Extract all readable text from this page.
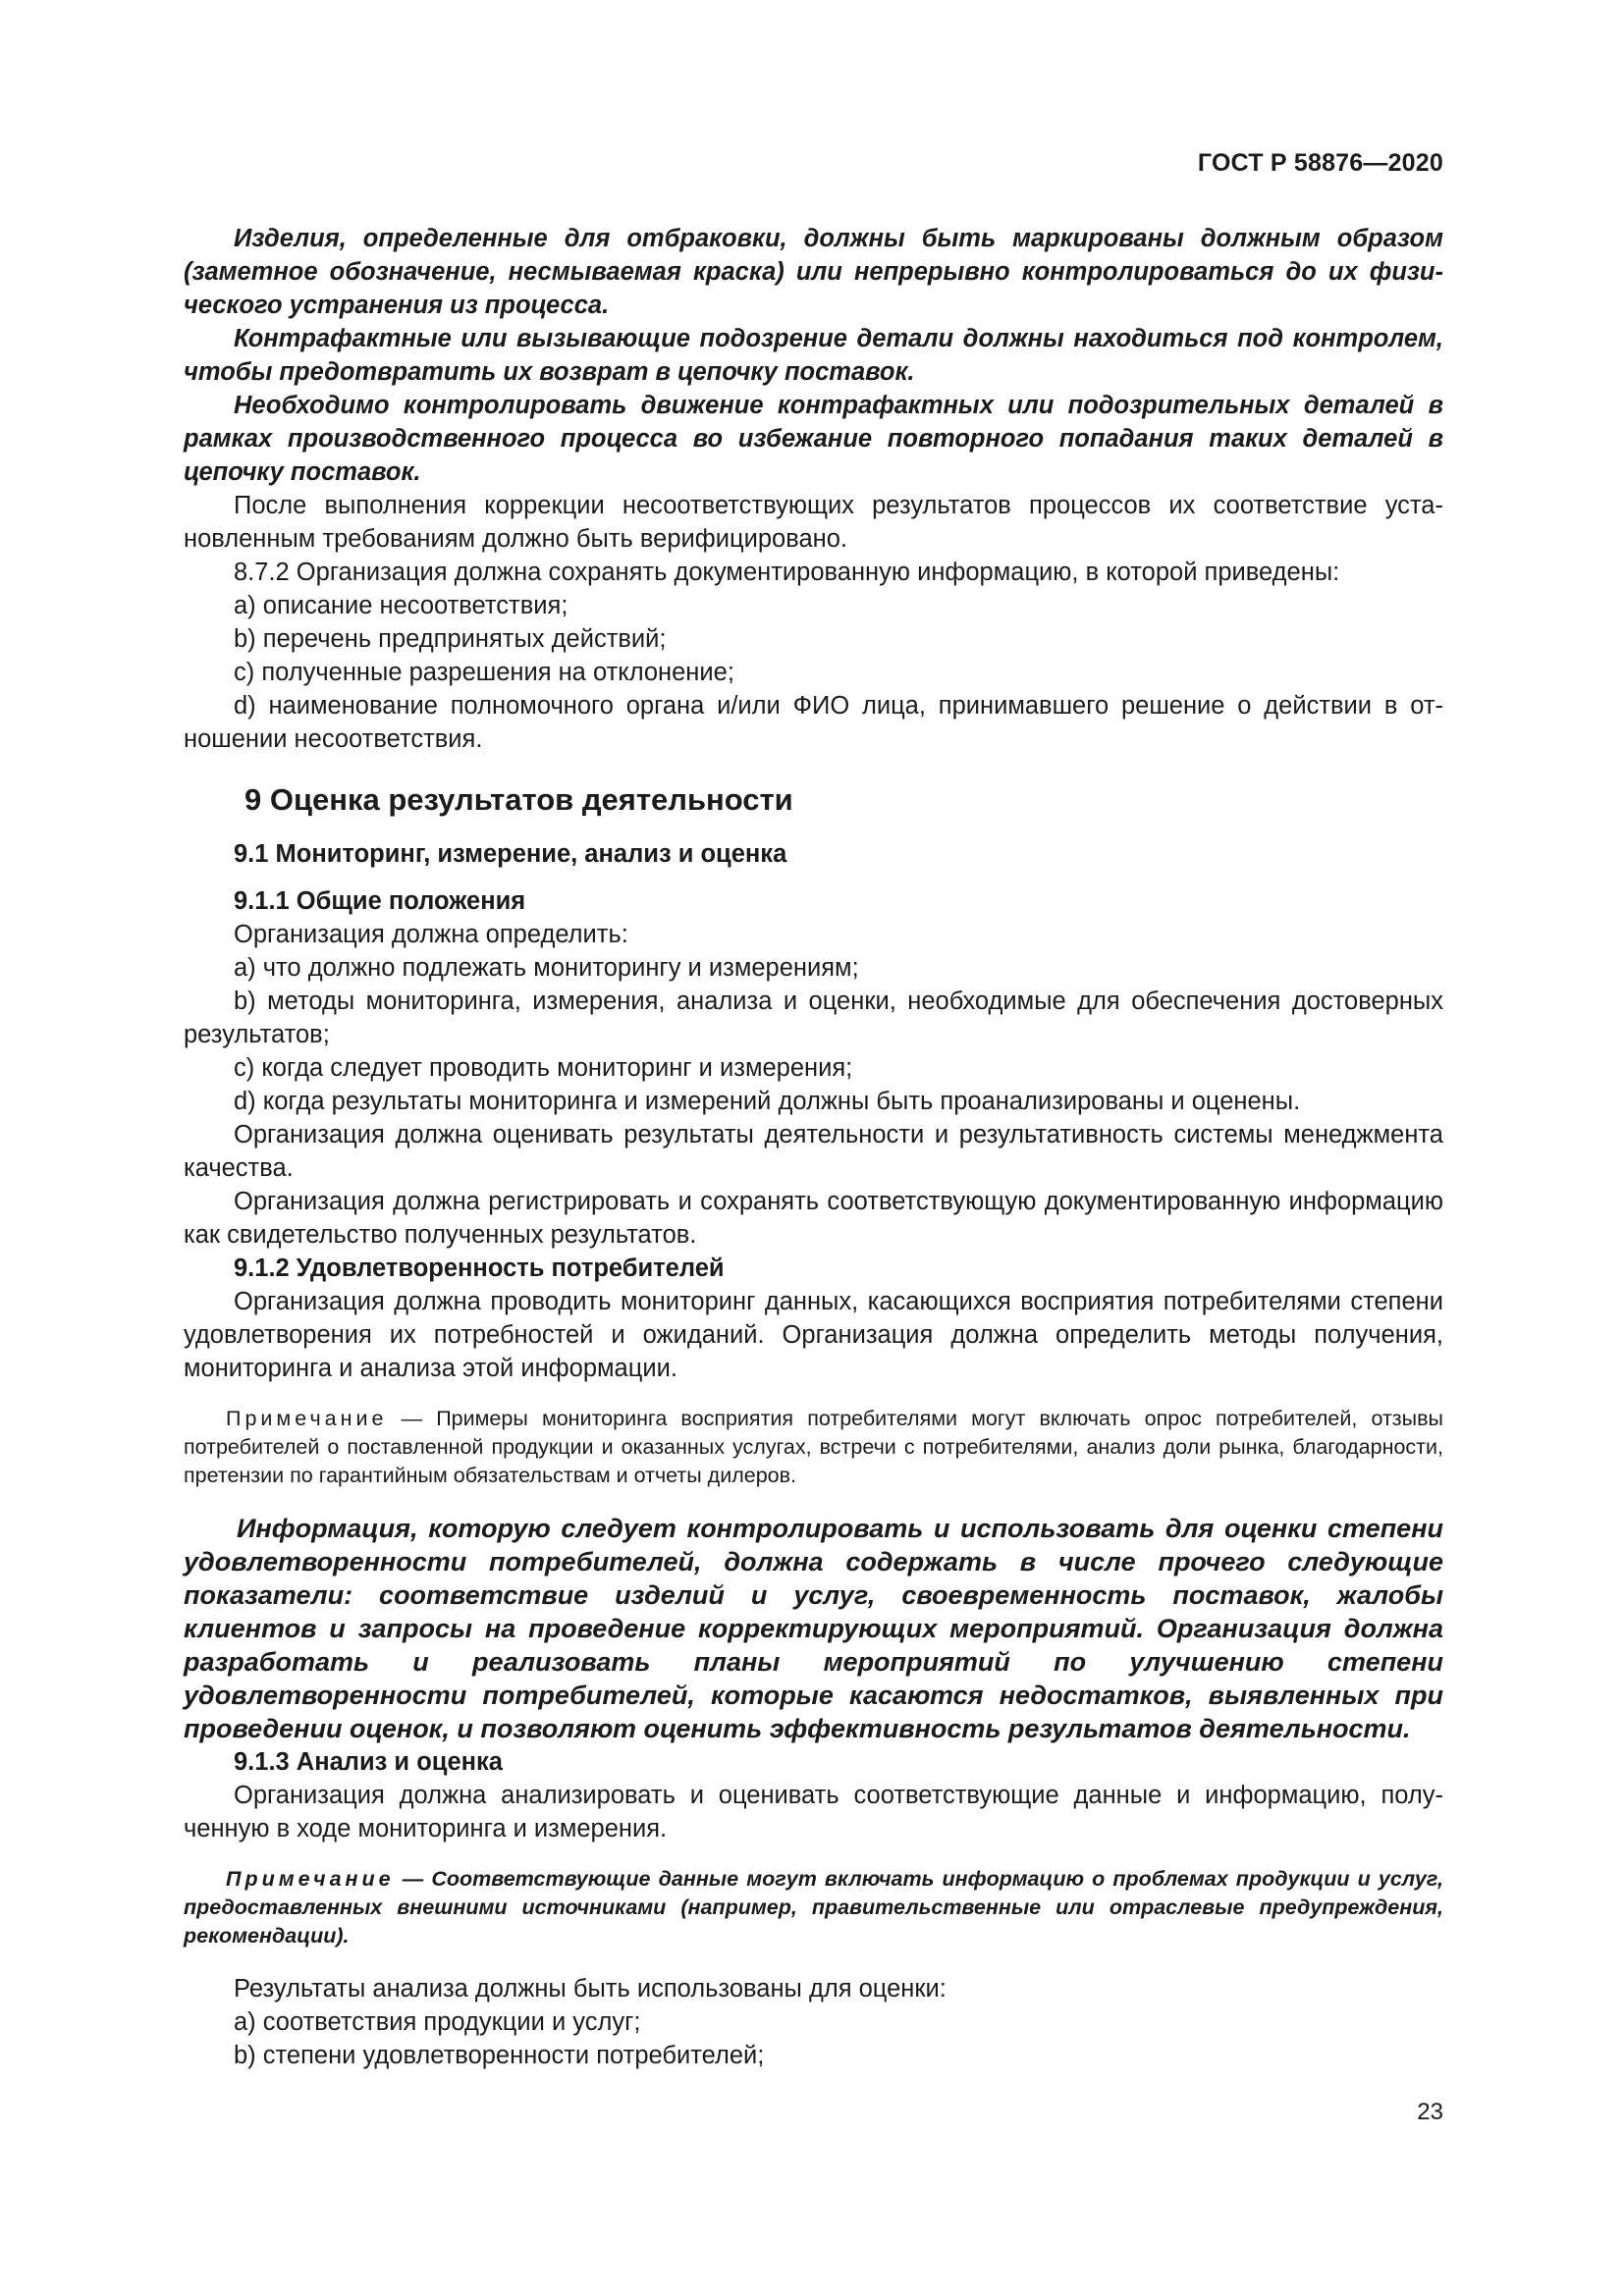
ГОСТ Р 58876—2020

Изделия, определенные для отбраковки, должны быть маркированы должным образом (заметное обозначение, несмываемая краска) или непрерывно контролироваться до их физического устранения из процесса.

Контрафактные или вызывающие подозрение детали должны находиться под контролем, чтобы предотвратить их возврат в цепочку поставок.

Необходимо контролировать движение контрафактных или подозрительных деталей в рамках производственного процесса во избежание повторного попадания таких деталей в цепочку поставок.

После выполнения коррекции несоответствующих результатов процессов их соответствие установленным требованиям должно быть верифицировано.

8.7.2 Организация должна сохранять документированную информацию, в которой приведены:

a) описание несоответствия;

b) перечень предпринятых действий;

c) полученные разрешения на отклонение;

d) наименование полномочного органа и/или ФИО лица, принимавшего решение о действии в отношении несоответствия.

9 Оценка результатов деятельности
9.1 Мониторинг, измерение, анализ и оценка
9.1.1 Общие положения

Организация должна определить:

a) что должно подлежать мониторингу и измерениям;

b) методы мониторинга, измерения, анализа и оценки, необходимые для обеспечения достоверных результатов;

c) когда следует проводить мониторинг и измерения;

d) когда результаты мониторинга и измерений должны быть проанализированы и оценены.

Организация должна оценивать результаты деятельности и результативность системы менеджмента качества.

Организация должна регистрировать и сохранять соответствующую документированную информацию как свидетельство полученных результатов.

9.1.2 Удовлетворенность потребителей

Организация должна проводить мониторинг данных, касающихся восприятия потребителями степени удовлетворения их потребностей и ожиданий. Организация должна определить методы получения, мониторинга и анализа этой информации.

Примечание — Примеры мониторинга восприятия потребителями могут включать опрос потребителей, отзывы потребителей о поставленной продукции и оказанных услугах, встречи с потребителями, анализ доли рынка, благодарности, претензии по гарантийным обязательствам и отчеты дилеров.

Информация, которую следует контролировать и использовать для оценки степени удовлетворенности потребителей, должна содержать в числе прочего следующие показатели: соответствие изделий и услуг, своевременность поставок, жалобы клиентов и запросы на проведение корректирующих мероприятий. Организация должна разработать и реализовать планы мероприятий по улучшению степени удовлетворенности потребителей, которые касаются недостатков, выявленных при проведении оценок, и позволяют оценить эффективность результатов деятельности.

9.1.3 Анализ и оценка

Организация должна анализировать и оценивать соответствующие данные и информацию, полученную в ходе мониторинга и измерения.

Примечание — Соответствующие данные могут включать информацию о проблемах продукции и услуг, предоставленных внешними источниками (например, правительственные или отраслевые предупреждения, рекомендации).

Результаты анализа должны быть использованы для оценки:

a) соответствия продукции и услуг;

b) степени удовлетворенности потребителей;

23
